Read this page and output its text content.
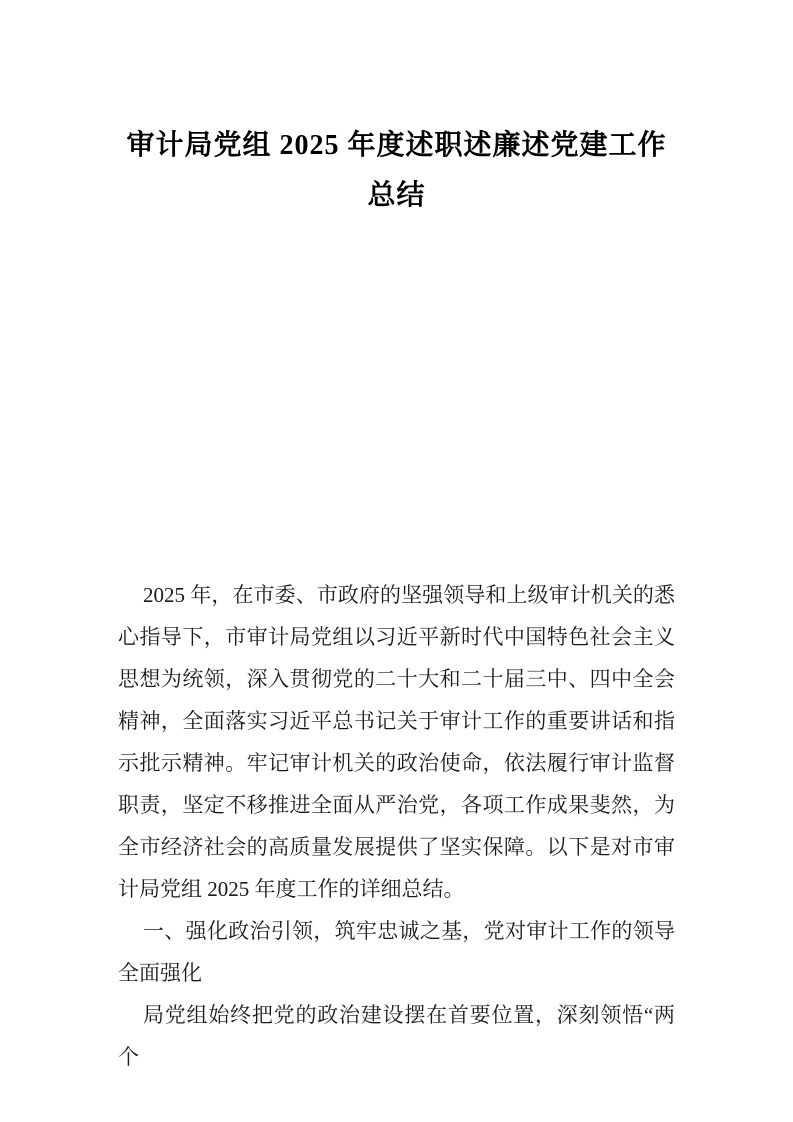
审计局党组 2025 年度述职述廉述党建工作
总结
2025 年，在市委、市政府的坚强领导和上级审计机关的悉
心指导下，市审计局党组以习近平新时代中国特色社会主义
思想为统领，深入贯彻党的二十大和二十届三中、四中全会
精神，全面落实习近平总书记关于审计工作的重要讲话和指
示批示精神。牢记审计机关的政治使命，依法履行审计监督
职责，坚定不移推进全面从严治党，各项工作成果斐然，为
全市经济社会的高质量发展提供了坚实保障。以下是对市审
计局党组 2025 年度工作的详细总结。
一、强化政治引领，筑牢忠诚之基，党对审计工作的领导
全面强化
局党组始终把党的政治建设摆在首要位置，深刻领悟“两个
